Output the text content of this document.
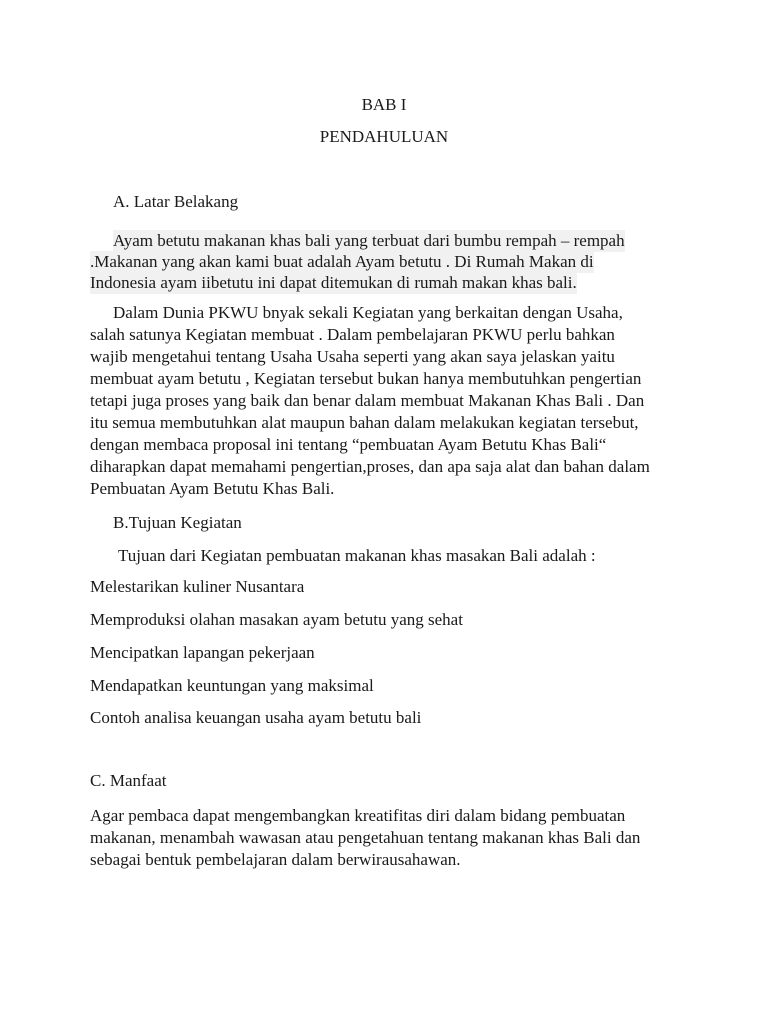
BAB I
PENDAHULUAN
A. Latar Belakang
Ayam betutu makanan khas bali yang terbuat dari bumbu rempah – rempah
.Makanan yang akan kami buat adalah Ayam betutu . Di Rumah Makan di
Indonesia ayam iibetutu ini dapat ditemukan di rumah makan khas bali.
Dalam Dunia PKWU bnyak sekali Kegiatan yang berkaitan dengan Usaha,
salah satunya Kegiatan membuat . Dalam pembelajaran PKWU perlu bahkan
wajib mengetahui tentang Usaha Usaha seperti yang akan saya jelaskan yaitu
membuat ayam betutu , Kegiatan tersebut bukan hanya membutuhkan pengertian
tetapi juga proses yang baik dan benar dalam membuat Makanan Khas Bali . Dan
itu semua membutuhkan alat maupun bahan dalam melakukan kegiatan tersebut,
dengan membaca proposal ini tentang “pembuatan Ayam Betutu Khas Bali“
diharapkan dapat memahami pengertian,proses, dan apa saja alat dan bahan dalam
Pembuatan Ayam Betutu Khas Bali.
B.Tujuan Kegiatan
Tujuan dari Kegiatan pembuatan makanan khas masakan Bali adalah :
Melestarikan kuliner Nusantara
Memproduksi olahan masakan ayam betutu yang sehat
Mencipatkan lapangan pekerjaan
Mendapatkan keuntungan yang maksimal
Contoh analisa keuangan usaha ayam betutu bali
C. Manfaat
Agar pembaca dapat mengembangkan kreatifitas diri dalam bidang pembuatan
makanan, menambah wawasan atau pengetahuan tentang makanan khas Bali dan
sebagai bentuk pembelajaran dalam berwirausahawan.
